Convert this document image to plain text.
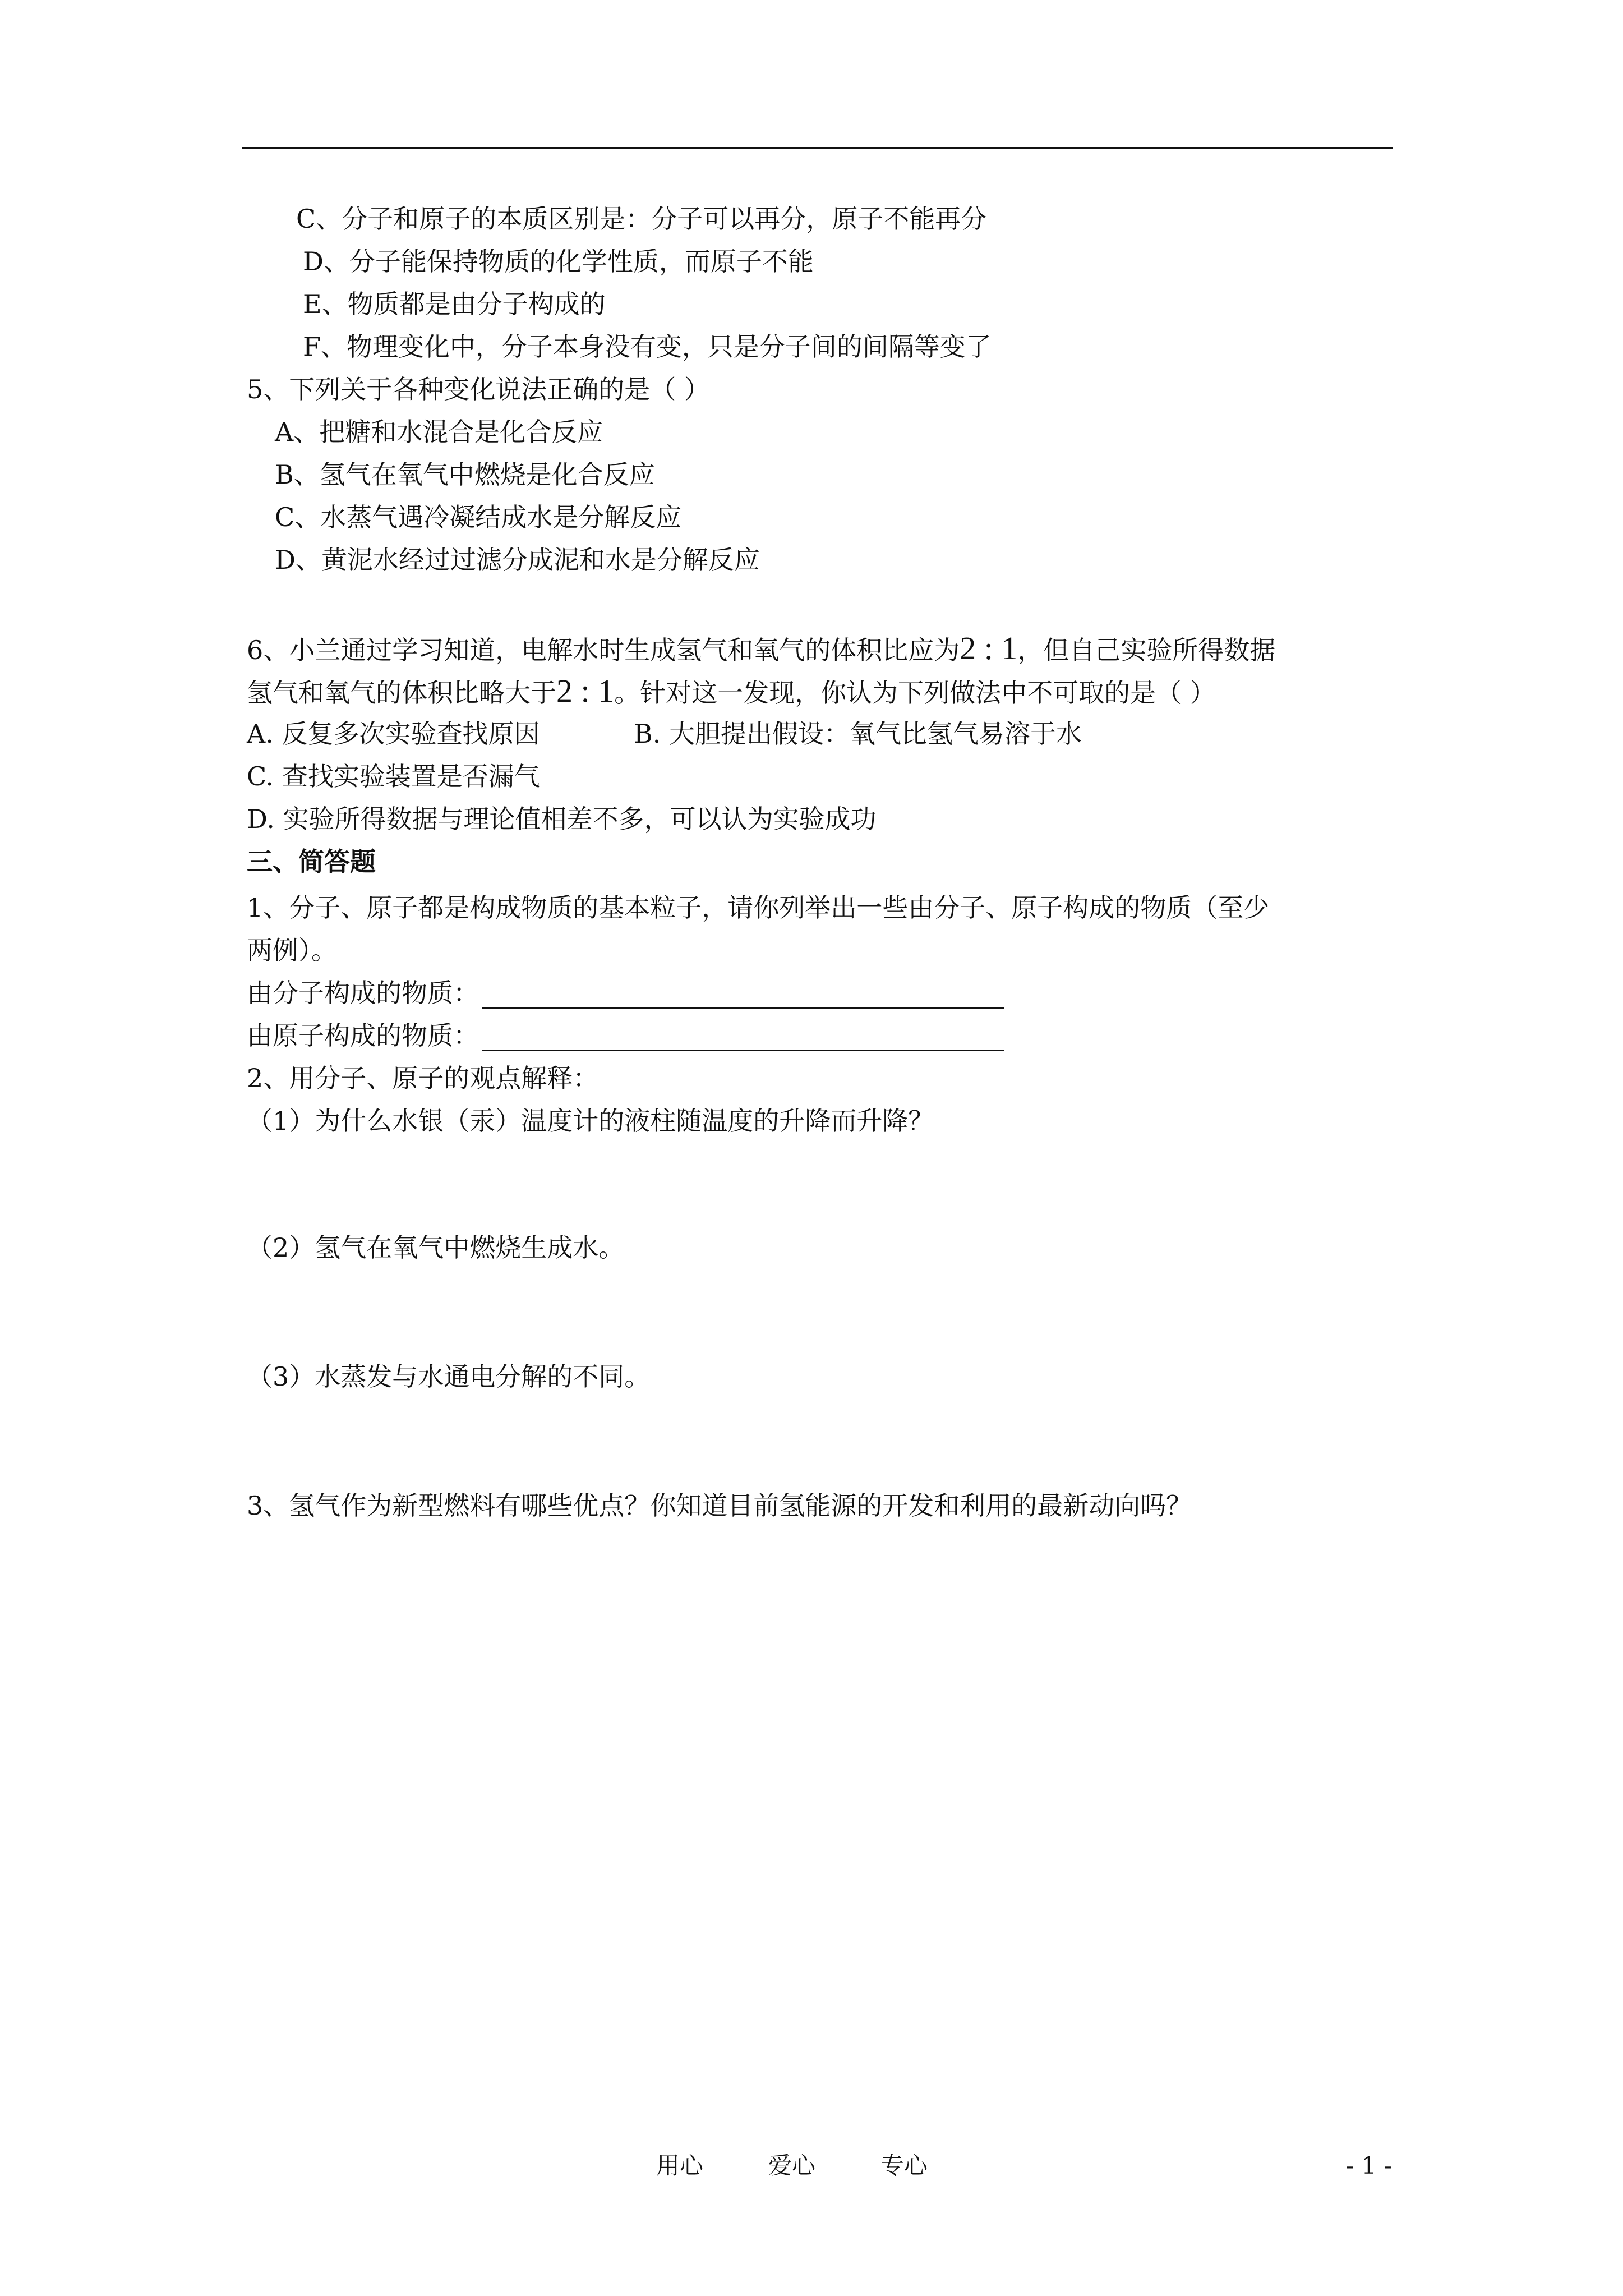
C、分子和原子的本质区别是：分子可以再分，原子不能再分
D、分子能保持物质的化学性质，而原子不能
E、物质都是由分子构成的
F、物理变化中，分子本身没有变，只是分子间的间隔等变了
5、下列关于各种变化说法正确的是（ ）
A、把糖和水混合是化合反应
B、氢气在氧气中燃烧是化合反应
C、水蒸气遇冷凝结成水是分解反应
D、黄泥水经过过滤分成泥和水是分解反应
6、小兰通过学习知道，电解水时生成氢气和氧气的体积比应为2 : 1，但自己实验所得数据
氢气和氧气的体积比略大于2 : 1。针对这一发现，你认为下列做法中不可取的是（ ）
A. 反复多次实验查找原因	B. 大胆提出假设：氧气比氢气易溶于水
C. 查找实验装置是否漏气
D. 实验所得数据与理论值相差不多，可以认为实验成功
三、简答题
1、分子、原子都是构成物质的基本粒子，请你列举出一些由分子、原子构成的物质（至少
两例）。
由分子构成的物质：
由原子构成的物质：
2、用分子、原子的观点解释：
（1）为什么水银（汞）温度计的液柱随温度的升降而升降？
（2）氢气在氧气中燃烧生成水。
（3）水蒸发与水通电分解的不同。
3、氢气作为新型燃料有哪些优点？你知道目前氢能源的开发和利用的最新动向吗？
用心	爱心	专心	- 1 -
